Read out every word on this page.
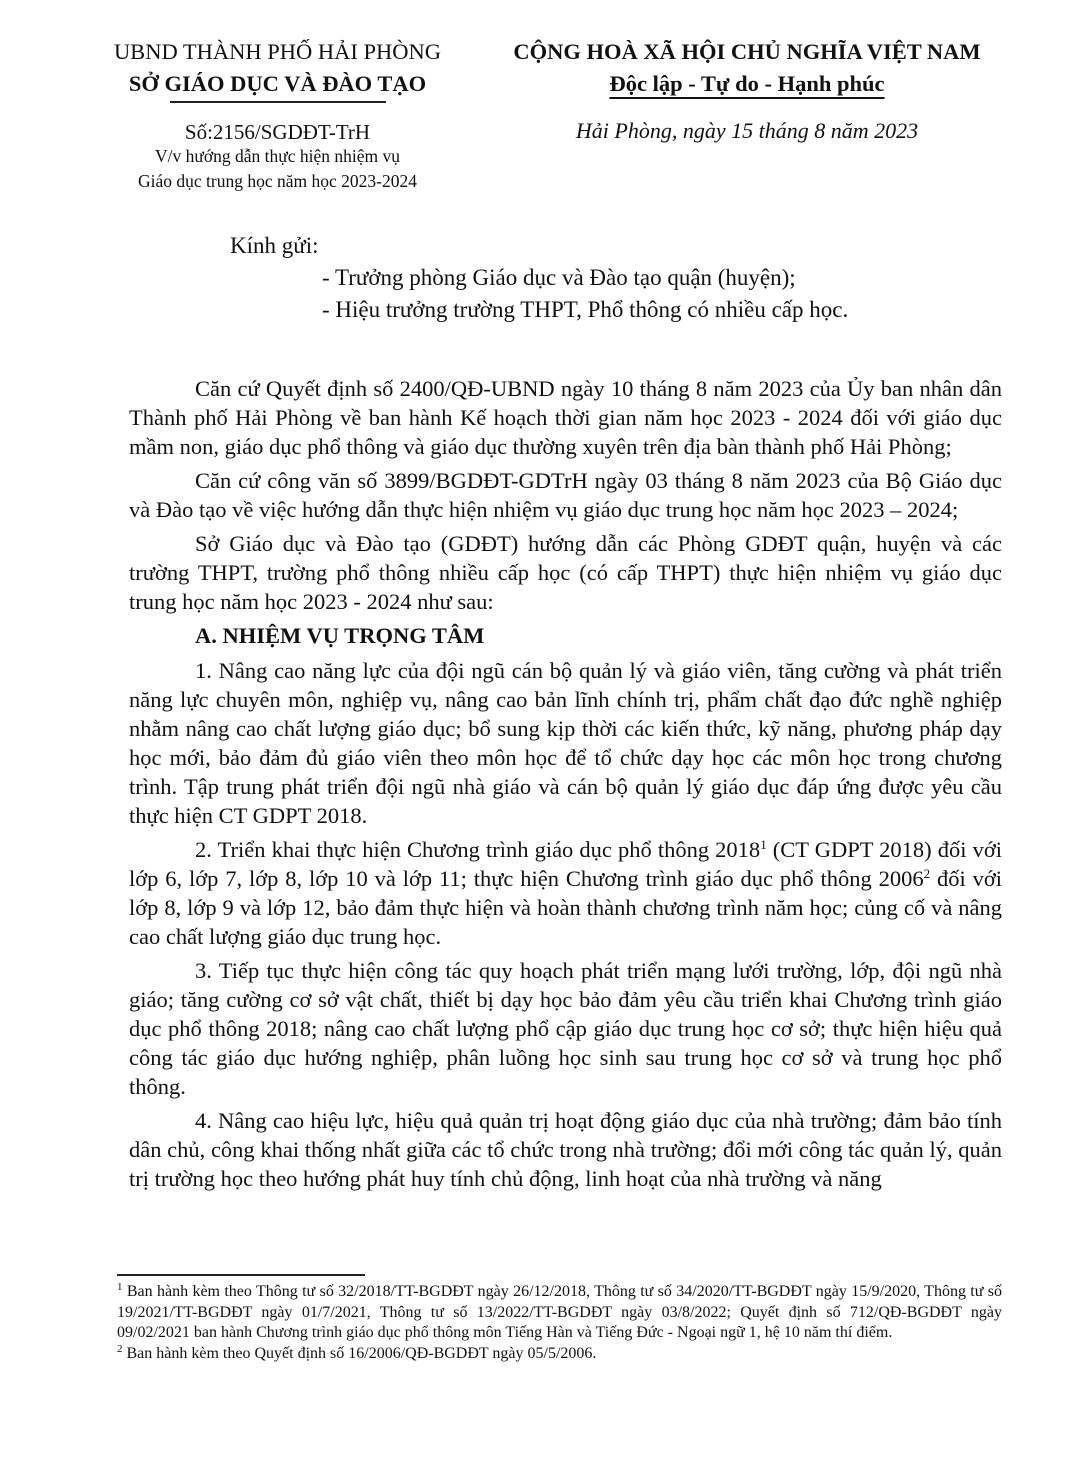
UBND THÀNH PHỐ HẢI PHÒNG
SỞ GIÁO DỤC VÀ ĐÀO TẠO
CỘNG HOÀ XÃ HỘI CHỦ NGHĨA VIỆT NAM
Độc lập - Tự do - Hạnh phúc
Số:2156/SGDĐT-TrH
V/v hướng dẫn thực hiện nhiệm vụ
Giáo dục trung học năm học 2023-2024
Hải Phòng, ngày 15 tháng 8 năm 2023
Kính gửi:
- Trưởng phòng Giáo dục và Đào tạo quận (huyện);
- Hiệu trưởng trường THPT, Phổ thông có nhiều cấp học.

Căn cứ Quyết định số 2400/QĐ-UBND ngày 10 tháng 8 năm 2023 của Ủy ban nhân dân Thành phố Hải Phòng về ban hành Kế hoạch thời gian năm học 2023 - 2024 đối với giáo dục mầm non, giáo dục phổ thông và giáo dục thường xuyên trên địa bàn thành phố Hải Phòng;

Căn cứ công văn số 3899/BGDĐT-GDTrH ngày 03 tháng 8 năm 2023 của Bộ Giáo dục và Đào tạo về việc hướng dẫn thực hiện nhiệm vụ giáo dục trung học năm học 2023 – 2024;

Sở Giáo dục và Đào tạo (GDĐT) hướng dẫn các Phòng GDĐT quận, huyện và các trường THPT, trường phổ thông nhiều cấp học (có cấp THPT) thực hiện nhiệm vụ giáo dục trung học năm học 2023 - 2024 như sau:

A. NHIỆM VỤ TRỌNG TÂM

1. Nâng cao năng lực của đội ngũ cán bộ quản lý và giáo viên, tăng cường và phát triển năng lực chuyên môn, nghiệp vụ, nâng cao bản lĩnh chính trị, phẩm chất đạo đức nghề nghiệp nhằm nâng cao chất lượng giáo dục; bổ sung kịp thời các kiến thức, kỹ năng, phương pháp dạy học mới, bảo đảm đủ giáo viên theo môn học để tổ chức dạy học các môn học trong chương trình. Tập trung phát triển đội ngũ nhà giáo và cán bộ quản lý giáo dục đáp ứng được yêu cầu thực hiện CT GDPT 2018.

2. Triển khai thực hiện Chương trình giáo dục phổ thông 2018$^1$ (CT GDPT 2018) đối với lớp 6, lớp 7, lớp 8, lớp 10 và lớp 11; thực hiện Chương trình giáo dục phổ thông 2006$^2$ đối với lớp 8, lớp 9 và lớp 12, bảo đảm thực hiện và hoàn thành chương trình năm học; củng cố và nâng cao chất lượng giáo dục trung học.

3. Tiếp tục thực hiện công tác quy hoạch phát triển mạng lưới trường, lớp, đội ngũ nhà giáo; tăng cường cơ sở vật chất, thiết bị dạy học bảo đảm yêu cầu triển khai Chương trình giáo dục phổ thông 2018; nâng cao chất lượng phổ cập giáo dục trung học cơ sở; thực hiện hiệu quả công tác giáo dục hướng nghiệp, phân luồng học sinh sau trung học cơ sở và trung học phổ thông.

4. Nâng cao hiệu lực, hiệu quả quản trị hoạt động giáo dục của nhà trường; đảm bảo tính dân chủ, công khai thống nhất giữa các tổ chức trong nhà trường; đổi mới công tác quản lý, quản trị trường học theo hướng phát huy tính chủ động, linh hoạt của nhà trường và năng

$^1$ Ban hành kèm theo Thông tư số 32/2018/TT-BGDĐT ngày 26/12/2018, Thông tư số 34/2020/TT-BGDĐT ngày 15/9/2020, Thông tư số 19/2021/TT-BGDĐT ngày 01/7/2021, Thông tư số 13/2022/TT-BGDĐT ngày 03/8/2022; Quyết định số 712/QĐ-BGDĐT ngày 09/02/2021 ban hành Chương trình giáo dục phổ thông môn Tiếng Hàn và Tiếng Đức - Ngoại ngữ 1, hệ 10 năm thí điểm.

$^2$ Ban hành kèm theo Quyết định số 16/2006/QĐ-BGDĐT ngày 05/5/2006.
